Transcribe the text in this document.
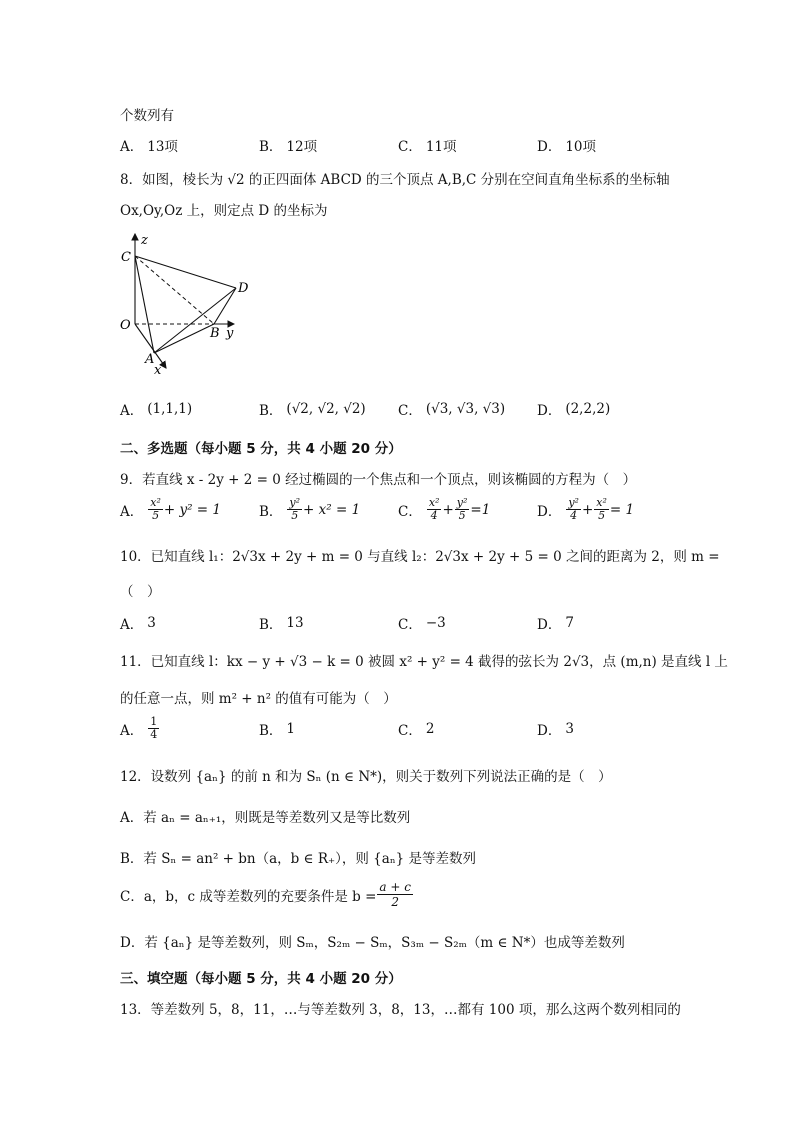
个数列有
A． 13项	B． 12项	C． 11项	D． 10项
8．如图，棱长为 √2 的正四面体 ABCD 的三个顶点 A,B,C 分别在空间直角坐标系的坐标轴
Ox,Oy,Oz 上，则定点 D 的坐标为
z
C
D
O
B y
A
x
A． (1,1,1)	B． (√2, √2, √2) C． (√3, √3, √3) D． (2,2,2)
二、多选题（每小题 5 分，共 4 小题 20 分）
9．若直线 x - 2y + 2 = 0 经过椭圆的一个焦点和一个顶点，则该椭圆的方程为（　）
A． $\frac{\text{x²}}{5} + y^2 = 1$	B． $\frac{\text{y²}}{5} + x^2 = 1$	C． $\frac{\text{x²}}{4} + \frac{\text{y²}}{5} =1$	D． $\frac{\text{y²}}{4} + \frac{\text{x²}}{5} = 1$
10．已知直线 l₁：2√3x + 2y + m = 0 与直线 l₂：2√3x + 2y + 5 = 0 之间的距离为 2，则 m =
（　）
A． 3	B． 13	C． −3	D． 7
11．已知直线 l：kx − y + √3 − k = 0 被圆 x² + y² = 4 截得的弦长为 2√3，点 (m,n) 是直线 l 上
的任意一点，则 m² + n² 的值有可能为（　）
A． $\frac{1}{4}$	B． 1	C． 2	D． 3
12．设数列 {aₙ} 的前 n 和为 Sₙ (n ∈ N*)，则关于数列下列说法正确的是（　）
A．若 aₙ = aₙ₊₁，则既是等差数列又是等比数列
B．若 Sₙ = an² + bn（a，b ∈ R₊），则 {aₙ} 是等差数列
C．a，b，c 成等差数列的充要条件是 $b = \frac{a + c}{2}$
D．若 {aₙ} 是等差数列，则 Sₘ，S₂ₘ − Sₘ，S₃ₘ − S₂ₘ（m ∈ N*）也成等差数列
三、填空题（每小题 5 分，共 4 小题 20 分）
13．等差数列 5，8，11，…与等差数列 3，8，13，…都有 100 项，那么这两个数列相同的
